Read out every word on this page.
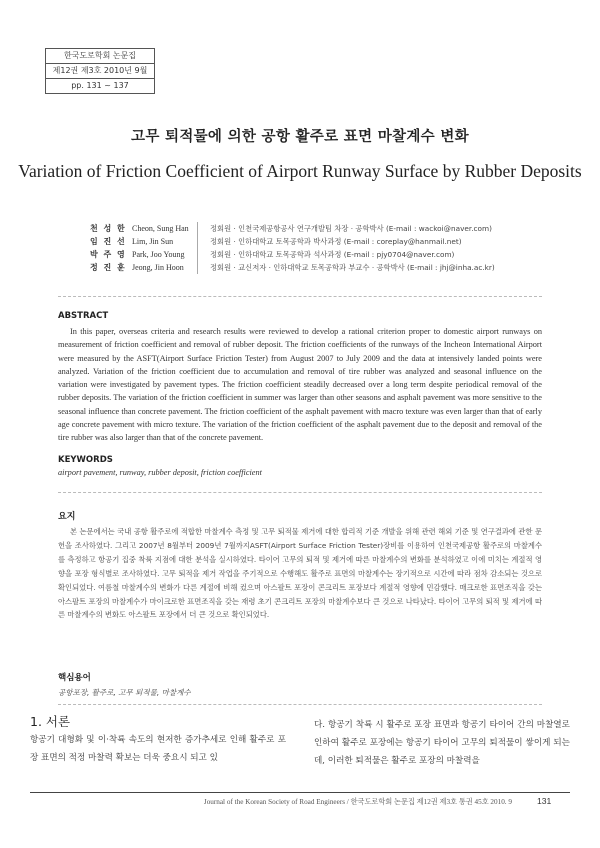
한국도로학회 논문집
제12권 제3호 2010년 9월
pp. 131 ~ 137
고무 퇴적물에 의한 공항 활주로 표면 마찰계수 변화
Variation of Friction Coefficient of Airport Runway Surface by Rubber Deposits
천 성 한 Cheon, Sung Han	정회원 · 인천국제공항공사 연구개발팀 차장 · 공학박사 (E-mail : wackoi@naver.com)
임 진 선 Lim, Jin Sun	정회원 · 인하대학교 토목공학과 박사과정 (E-mail : coreplay@hanmail.net)
박 주 영 Park, Joo Young	정회원 · 인하대학교 토목공학과 석사과정 (E-mail : pjy0704@naver.com)
정 진 훈 Jeong, Jin Hoon	정회원 · 교신저자 · 인하대학교 토목공학과 부교수 · 공학박사 (E-mail : jhj@inha.ac.kr)
ABSTRACT

In this paper, overseas criteria and research results were reviewed to develop a rational criterion proper to domestic airport runways on measurement of friction coefficient and removal of rubber deposit. The friction coefficients of the runways of the Incheon International Airport were measured by the ASFT(Airport Surface Friction Tester) from August 2007 to July 2009 and the data at intensively landed points were analyzed. Variation of the friction coefficient due to accumulation and removal of tire rubber was analyzed and seasonal influence on the variation were investigated by pavement types. The friction coefficient steadily decreased over a long term despite periodical removal of the rubber deposits. The variation of the friction coefficient in summer was larger than other seasons and asphalt pavement was more sensitive to the seasonal influence than concrete pavement. The friction coefficient of the asphalt pavement with macro texture was even larger than that of early age concrete pavement with micro texture. The variation of the friction coefficient of the asphalt pavement due to the deposit and removal of the tire rubber was also larger than that of the concrete pavement.

KEYWORDS
airport pavement, runway, rubber deposit, friction coefficient
요지

본 논문에서는 국내 공항 활주로에 적합한 마찰계수 측정 및 고무 퇴적물 제거에 대한 합리적 기준 개발을 위해 관련 해외 기준 및 연구결과에 관한 문헌을 조사하였다. 그리고 2007년 8월부터 2009년 7월까지ASFT(Airport Surface Friction Tester)장비를 이용하여 인천국제공항 활주로의 마찰계수를 측정하고 항공기 집중 착륙 지점에 대한 분석을 실시하였다. 타이어 고무의 퇴적 및 제거에 따른 마찰계수의 변화를 분석하였고 이에 미치는 계절적 영향을 포장 형식별로 조사하였다. 고무 퇴적을 제거 작업을 주기적으로 수행해도 활주로 표면의 마찰계수는 장기적으로 시간에 따라 점차 감소되는 것으로 확인되었다. 여름철 마찰계수의 변화가 다른 계절에 비해 컸으며 아스팔트 포장이 콘크리트 포장보다 계절적 영향에 민감했다. 매크로한 표면조직을 갖는 아스팔트 포장의 마찰계수가 마이크로한 표면조직을 갖는 재령 초기 콘크리트 포장의 마찰계수보다 큰 것으로 나타났다. 타이어 고무의 퇴적 및 제거에 따른 마찰계수의 변화도 아스팔트 포장에서 더 큰 것으로 확인되었다.

핵심용어
공항포장, 활주로, 고무 퇴적물, 마찰계수
1. 서론

항공기 대형화 및 이·착륙 속도의 현저한 증가추세로 인해 활주로 포장 표면의 적정 마찰력 확보는 더욱 중요시 되고 있

다. 항공기 착륙 시 활주로 포장 표면과 항공기 타이어 간의 마찰열로 인하여 활주로 포장에는 항공기 타이어 고무의 퇴적물이 쌓이게 되는데, 이러한 퇴적물은 활주로 포장의 마찰력을

Journal of the Korean Society of Road Engineers / 한국도로학회 논문집 제12권 제3호 통권 45호 2010. 9	131
